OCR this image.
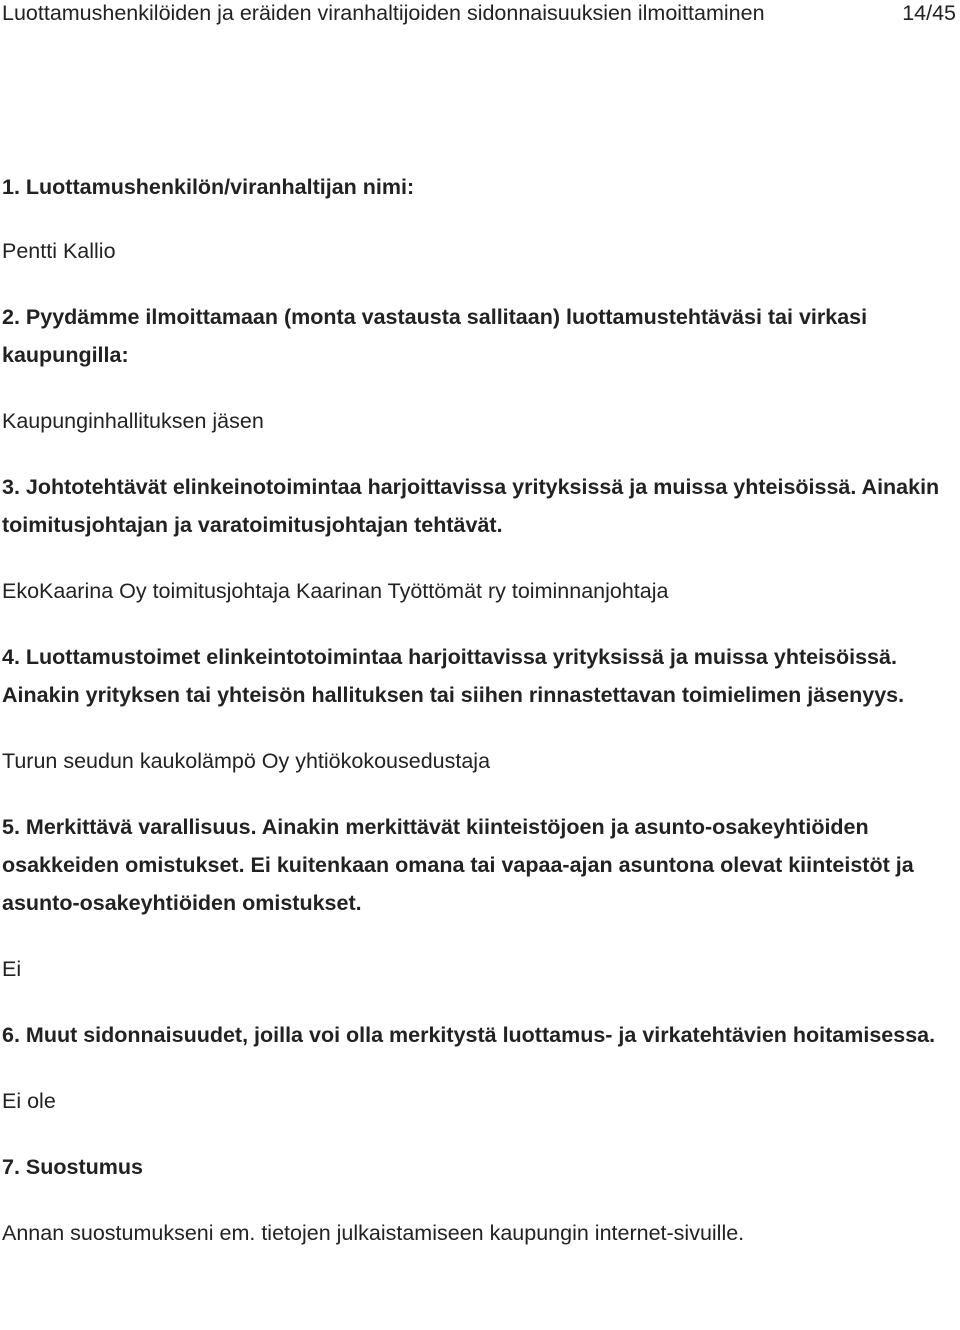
Luottamushenkilöiden ja eräiden viranhaltijoiden sidonnaisuuksien ilmoittaminen	14/45

1. Luottamushenkilön/viranhaltijan nimi:

Pentti Kallio

2. Pyydämme ilmoittamaan (monta vastausta sallitaan) luottamustehtäväsi tai virkasi kaupungilla:

Kaupunginhallituksen jäsen

3. Johtotehtävät elinkeinotoimintaa harjoittavissa yrityksissä ja muissa yhteisöissä. Ainakin toimitusjohtajan ja varatoimitusjohtajan tehtävät.

EkoKaarina Oy toimitusjohtaja Kaarinan Työttömät ry toiminnanjohtaja

4. Luottamustoimet elinkeintotoimintaa harjoittavissa yrityksissä ja muissa yhteisöissä. Ainakin yrityksen tai yhteisön hallituksen tai siihen rinnastettavan toimielimen jäsenyys.

Turun seudun kaukolämpö Oy yhtiökokousedustaja

5. Merkittävä varallisuus. Ainakin merkittävät kiinteistöjoen ja asunto-osakeyhtiöiden osakkeiden omistukset. Ei kuitenkaan omana tai vapaa-ajan asuntona olevat kiinteistöt ja asunto-osakeyhtiöiden omistukset.

Ei

6. Muut sidonnaisuudet, joilla voi olla merkitystä luottamus- ja virkatehtävien hoitamisessa.

Ei ole

7. Suostumus

Annan suostumukseni em. tietojen julkaistamiseen kaupungin internet-sivuille.
